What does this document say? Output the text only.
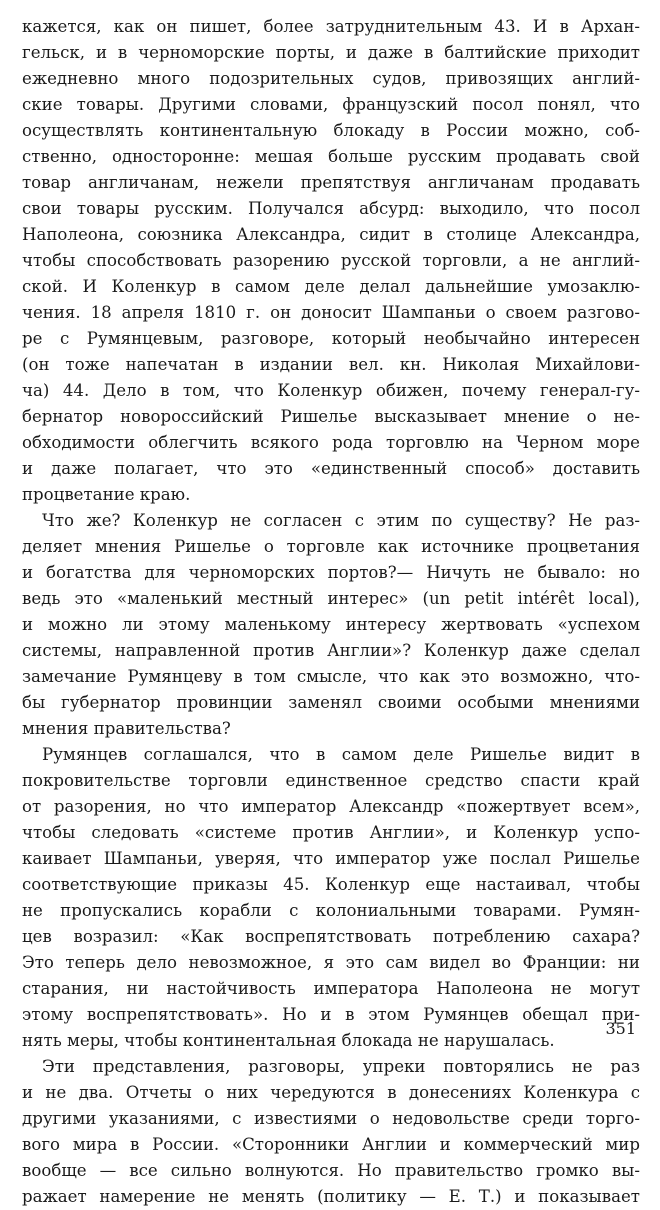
кажется, как он пишет, более затруднительным 43. И в Архан-
гельск, и в черноморские порты, и даже в балтийские приходит
ежедневно много подозрительных судов, привозящих англий-
ские товары. Другими словами, французский посол понял, что
осуществлять континентальную блокаду в России можно, соб-
ственно, односторонне: мешая больше русским продавать свой
товар англичанам, нежели препятствуя англичанам продавать
свои товары русским. Получался абсурд: выходило, что посол
Наполеона, союзника Александра, сидит в столице Александра,
чтобы способствовать разорению русской торговли, а не англий-
ской. И Коленкур в самом деле делал дальнейшие умозаклю-
чения. 18 апреля 1810 г. он доносит Шампаньи о своем разгово-
ре с Румянцевым, разговоре, который необычайно интересен
(он тоже напечатан в издании вел. кн. Николая Михайлови-
ча) 44. Дело в том, что Коленкур обижен, почему генерал-гу-
бернатор новороссийский Ришелье высказывает мнение о не-
обходимости облегчить всякого рода торговлю на Черном море
и даже полагает, что это «единственный способ» доставить
процветание краю.
Что же? Коленкур не согласен с этим по существу? Не раз-
деляет мнения Ришелье о торговле как источнике процветания
и богатства для черноморских портов?— Ничуть не бывало: но
ведь это «маленький местный интерес» (un petit intérêt local),
и можно ли этому маленькому интересу жертвовать «успехом
системы, направленной против Англии»? Коленкур даже сделал
замечание Румянцеву в том смысле, что как это возможно, что-
бы губернатор провинции заменял своими особыми мнениями
мнения правительства?
Румянцев соглашался, что в самом деле Ришелье видит в
покровительстве торговли единственное средство спасти край
от разорения, но что император Александр «пожертвует всем»,
чтобы следовать «системе против Англии», и Коленкур успо-
каивает Шампаньи, уверяя, что император уже послал Ришелье
соответствующие приказы 45. Коленкур еще настаивал, чтобы
не пропускались корабли с колониальными товарами. Румян-
цев возразил: «Как воспрепятствовать потреблению сахара?
Это теперь дело невозможное, я это сам видел во Франции: ни
старания, ни настойчивость императора Наполеона не могут
этому воспрепятствовать». Но и в этом Румянцев обещал при-
нять меры, чтобы континентальная блокада не нарушалась.
Эти представления, разговоры, упреки повторялись не раз
и не два. Отчеты о них чередуются в донесениях Коленкура с
другими указаниями, с известиями о недовольстве среди торго-
вого мира в России. «Сторонники Англии и коммерческий мир
вообще — все сильно волнуются. Но правительство громко вы-
ражает намерение не менять (политику — Е. Т.) и показывает
351
